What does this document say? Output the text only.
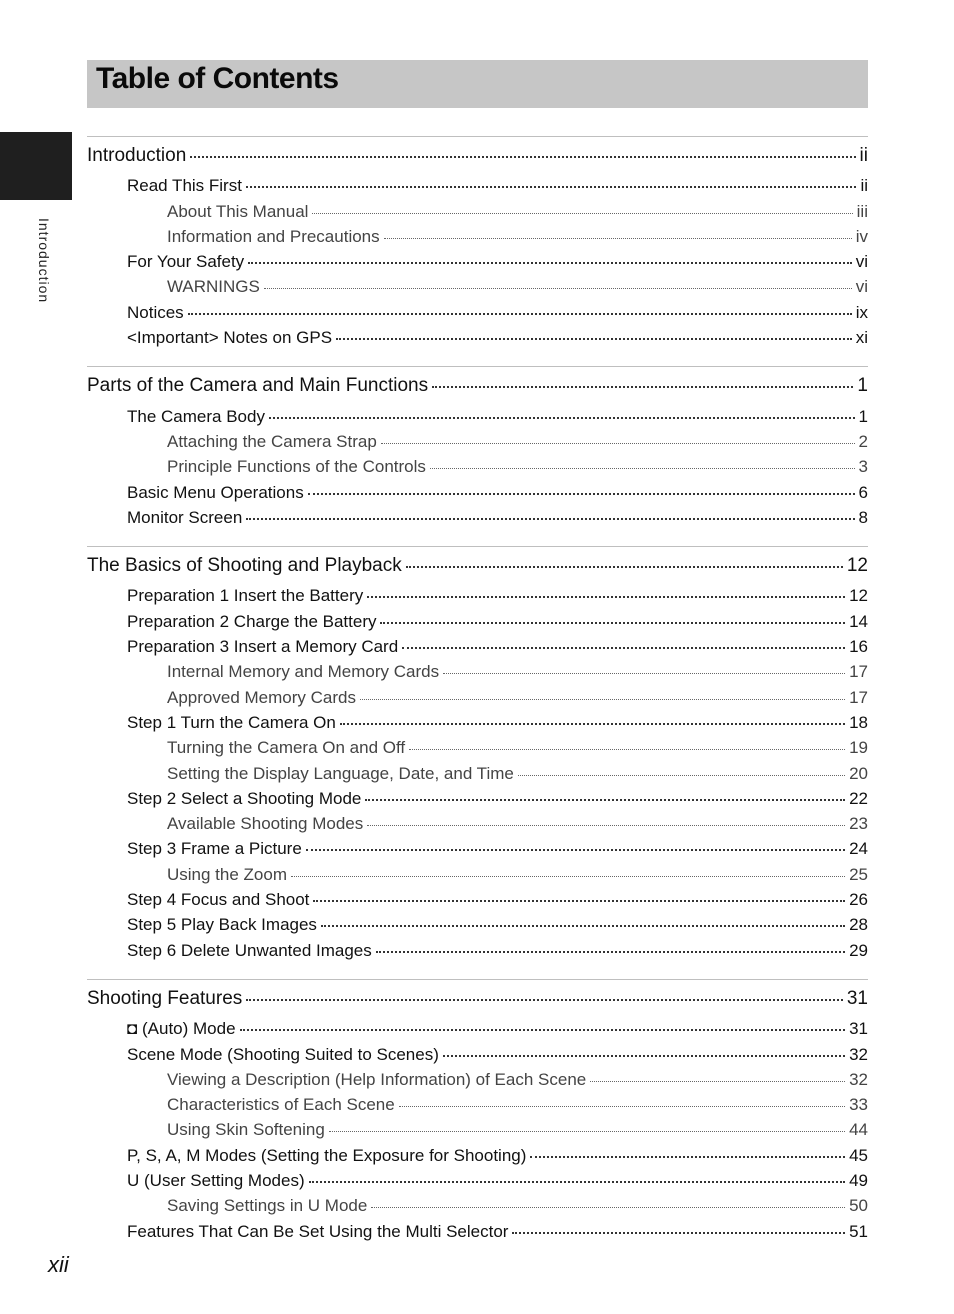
Table of Contents
Introduction
Introduction	ii
Read This First	ii
About This Manual	iii
Information and Precautions	iv
For Your Safety	vi
WARNINGS	vi
Notices	ix
<Important> Notes on GPS	xi
Parts of the Camera and Main Functions	1
The Camera Body	1
Attaching the Camera Strap	2
Principle Functions of the Controls	3
Basic Menu Operations	6
Monitor Screen	8
The Basics of Shooting and Playback	12
Preparation 1 Insert the Battery	12
Preparation 2 Charge the Battery	14
Preparation 3 Insert a Memory Card	16
Internal Memory and Memory Cards	17
Approved Memory Cards	17
Step 1 Turn the Camera On	18
Turning the Camera On and Off	19
Setting the Display Language, Date, and Time	20
Step 2 Select a Shooting Mode	22
Available Shooting Modes	23
Step 3 Frame a Picture	24
Using the Zoom	25
Step 4 Focus and Shoot	26
Step 5 Play Back Images	28
Step 6 Delete Unwanted Images	29
Shooting Features	31
◘ (Auto) Mode	31
Scene Mode (Shooting Suited to Scenes)	32
Viewing a Description (Help Information) of Each Scene	32
Characteristics of Each Scene	33
Using Skin Softening	44
P, S, A, M Modes (Setting the Exposure for Shooting)	45
U (User Setting Modes)	49
Saving Settings in U Mode	50
Features That Can Be Set Using the Multi Selector	51
xii
